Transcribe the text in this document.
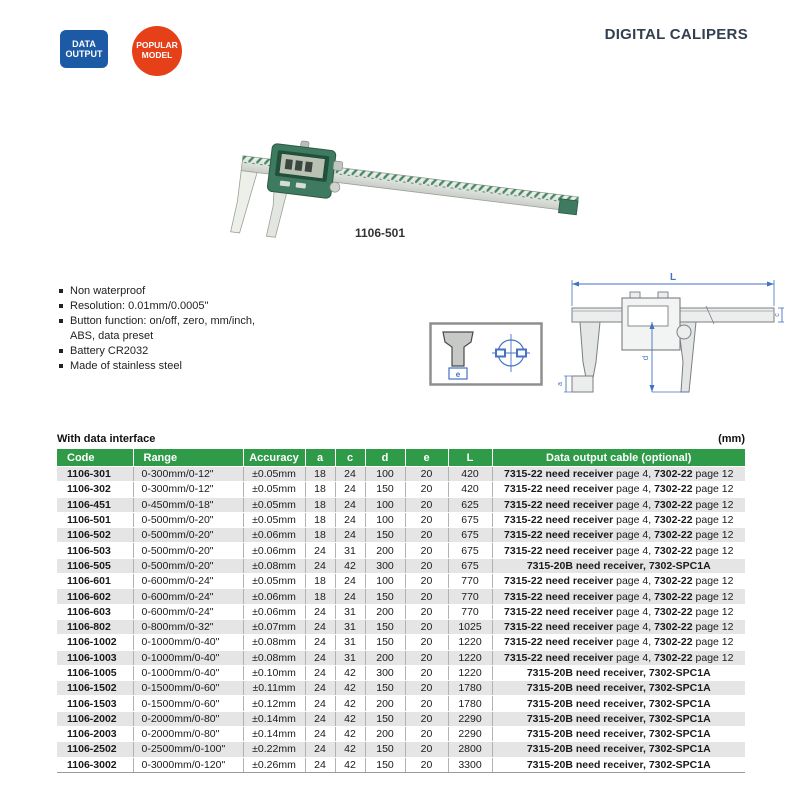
DATA OUTPUT
POPULAR MODEL
DIGITAL CALIPERS
1106-501
Non waterproof
Resolution: 0.01mm/0.0005"
Button function: on/off, zero, mm/inch, ABS, data preset
Battery CR2032
Made of stainless steel
e
L
c
d
a
With data interface	(mm)
Code	Range	Accuracy	a	c	d	e	L	Data output cable (optional)
1106-301	0-300mm/0-12"	±0.05mm	18	24	100	20	420	7315-22 need receiver page 4, 7302-22 page 12
1106-302	0-300mm/0-12"	±0.05mm	18	24	150	20	420	7315-22 need receiver page 4, 7302-22 page 12
1106-451	0-450mm/0-18"	±0.05mm	18	24	100	20	625	7315-22 need receiver page 4, 7302-22 page 12
1106-501	0-500mm/0-20"	±0.05mm	18	24	100	20	675	7315-22 need receiver page 4, 7302-22 page 12
1106-502	0-500mm/0-20"	±0.06mm	18	24	150	20	675	7315-22 need receiver page 4, 7302-22 page 12
1106-503	0-500mm/0-20"	±0.06mm	24	31	200	20	675	7315-22 need receiver page 4, 7302-22 page 12
1106-505	0-500mm/0-20"	±0.08mm	24	42	300	20	675	7315-20B need receiver, 7302-SPC1A
1106-601	0-600mm/0-24"	±0.05mm	18	24	100	20	770	7315-22 need receiver page 4, 7302-22 page 12
1106-602	0-600mm/0-24"	±0.06mm	18	24	150	20	770	7315-22 need receiver page 4, 7302-22 page 12
1106-603	0-600mm/0-24"	±0.06mm	24	31	200	20	770	7315-22 need receiver page 4, 7302-22 page 12
1106-802	0-800mm/0-32"	±0.07mm	24	31	150	20	1025	7315-22 need receiver page 4, 7302-22 page 12
1106-1002	0-1000mm/0-40"	±0.08mm	24	31	150	20	1220	7315-22 need receiver page 4, 7302-22 page 12
1106-1003	0-1000mm/0-40"	±0.08mm	24	31	200	20	1220	7315-22 need receiver page 4, 7302-22 page 12
1106-1005	0-1000mm/0-40"	±0.10mm	24	42	300	20	1220	7315-20B need receiver, 7302-SPC1A
1106-1502	0-1500mm/0-60"	±0.11mm	24	42	150	20	1780	7315-20B need receiver, 7302-SPC1A
1106-1503	0-1500mm/0-60"	±0.12mm	24	42	200	20	1780	7315-20B need receiver, 7302-SPC1A
1106-2002	0-2000mm/0-80"	±0.14mm	24	42	150	20	2290	7315-20B need receiver, 7302-SPC1A
1106-2003	0-2000mm/0-80"	±0.14mm	24	42	200	20	2290	7315-20B need receiver, 7302-SPC1A
1106-2502	0-2500mm/0-100"	±0.22mm	24	42	150	20	2800	7315-20B need receiver, 7302-SPC1A
1106-3002	0-3000mm/0-120"	±0.26mm	24	42	150	20	3300	7315-20B need receiver, 7302-SPC1A
